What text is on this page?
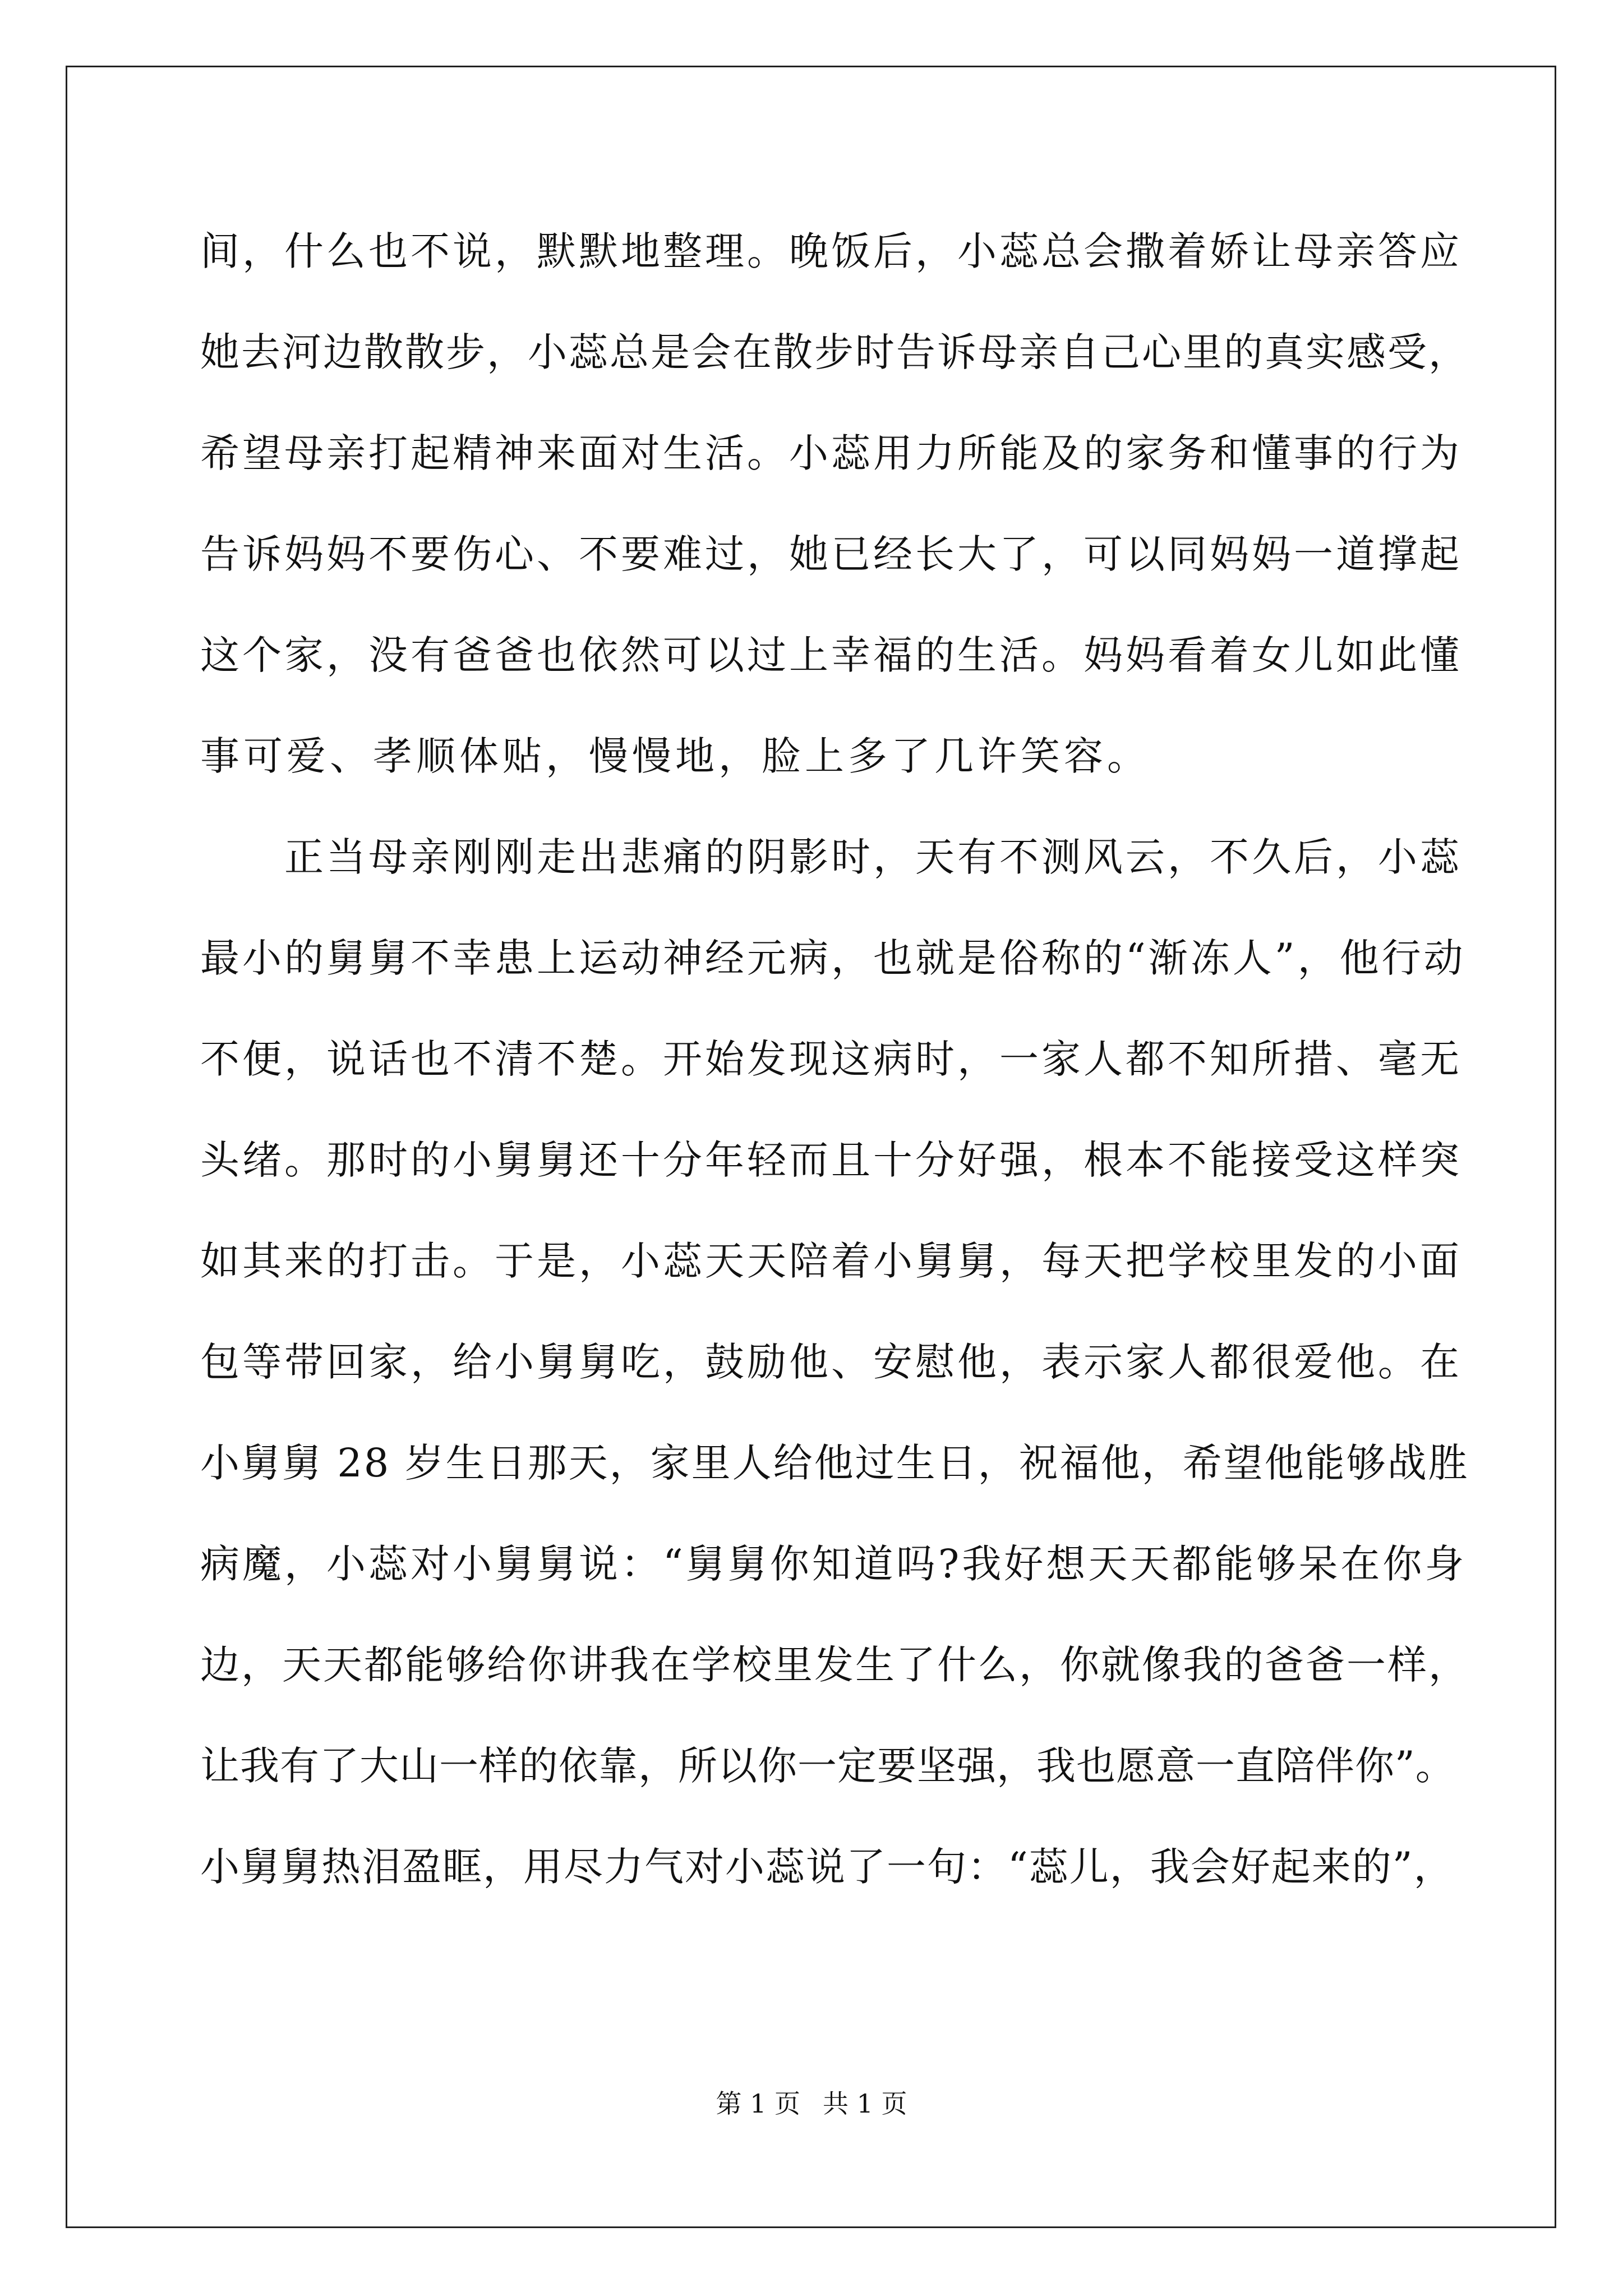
间，什么也不说，默默地整理。晚饭后，小蕊总会撒着娇让母亲答应
她去河边散散步，小蕊总是会在散步时告诉母亲自己心里的真实感受，
希望母亲打起精神来面对生活。小蕊用力所能及的家务和懂事的行为
告诉妈妈不要伤心、不要难过，她已经长大了，可以同妈妈一道撑起
这个家，没有爸爸也依然可以过上幸福的生活。妈妈看着女儿如此懂
事可爱、孝顺体贴，慢慢地，脸上多了几许笑容。
正当母亲刚刚走出悲痛的阴影时，天有不测风云，不久后，小蕊
最小的舅舅不幸患上运动神经元病，也就是俗称的“渐冻人”，他行动
不便，说话也不清不楚。开始发现这病时，一家人都不知所措、毫无
头绪。那时的小舅舅还十分年轻而且十分好强，根本不能接受这样突
如其来的打击。于是，小蕊天天陪着小舅舅，每天把学校里发的小面
包等带回家，给小舅舅吃，鼓励他、安慰他，表示家人都很爱他。在
小舅舅 28 岁生日那天，家里人给他过生日，祝福他，希望他能够战胜
病魔，小蕊对小舅舅说：“舅舅你知道吗?我好想天天都能够呆在你身
边，天天都能够给你讲我在学校里发生了什么，你就像我的爸爸一样，
让我有了大山一样的依靠，所以你一定要坚强，我也愿意一直陪伴你”。
小舅舅热泪盈眶，用尽力气对小蕊说了一句：“蕊儿，我会好起来的”，
第 1 页 共 1 页
